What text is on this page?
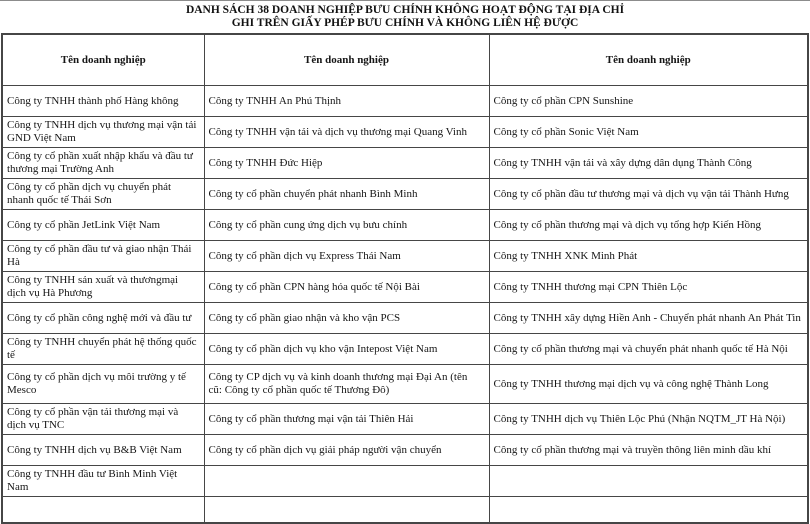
DANH SÁCH 38 DOANH NGHIỆP BƯU CHÍNH KHÔNG HOẠT ĐỘNG TẠI ĐỊA CHỈ
GHI TRÊN GIẤY PHÉP BƯU CHÍNH VÀ KHÔNG LIÊN HỆ ĐƯỢC
Tên doanh nghiệp	Tên doanh nghiệp	Tên doanh nghiệp
Công ty TNHH thành phố Hàng không	Công ty TNHH An Phú Thịnh	Công ty cổ phần CPN Sunshine
Công ty TNHH dịch vụ thương mại vận tải GND Việt Nam	Công ty TNHH vận tải và dịch vụ thương mại Quang Vinh	Công ty cổ phần Sonic Việt Nam
Công ty cổ phần xuất nhập khẩu và đầu tư thương mại Trường Anh	Công ty TNHH Đức Hiệp	Công ty TNHH vận tải và xây dựng dân dụng Thành Công
Công ty cổ phần dịch vụ chuyển phát nhanh quốc tế Thái Sơn	Công ty cổ phần chuyển phát nhanh Bình Minh	Công ty cổ phần đầu tư thương mại và dịch vụ vận tải Thành Hưng
Công ty cổ phần JetLink Việt Nam	Công ty cổ phần cung ứng dịch vụ bưu chính	Công ty cổ phần thương mại và dịch vụ tổng hợp Kiến Hồng
Công ty cổ phần đầu tư và giao nhận Thái Hà	Công ty cổ phần dịch vụ Express Thái Nam	Công ty TNHH XNK Minh Phát
Công ty TNHH sản xuất và thươngmại dịch vụ Hà Phương	Công ty cổ phần CPN hàng hóa quốc tế Nội Bài	Công ty TNHH thương mại CPN Thiên Lộc
Công ty cổ phần công nghệ mới và đầu tư	Công ty cổ phần giao nhận và kho vận PCS	Công ty TNHH xây dựng Hiền Anh - Chuyển phát nhanh An Phát Tin
Công ty TNHH chuyển phát hệ thống quốc tế	Công ty cổ phần dịch vụ kho vận Intepost Việt Nam	Công ty cổ phần thương mại và chuyển phát nhanh quốc tế Hà Nội
Công ty cổ phần dịch vụ môi trường y tế Mesco	Công ty CP dịch vụ và kinh doanh thương mại Đại An (tên cũ: Công ty cổ phần quốc tế Thương Đô)	Công ty TNHH thương mại dịch vụ và công nghệ Thành Long
Công ty cổ phần vận tải thương mại và dịch vụ TNC	Công ty cổ phần thương mại vận tải Thiên Hải	Công ty TNHH dịch vụ Thiên Lộc Phú (Nhận NQTM_JT Hà Nội)
Công ty TNHH dịch vụ B&B Việt Nam	Công ty cổ phần dịch vụ giải pháp người vận chuyển	Công ty cổ phần thương mại và truyền thông liên minh dầu khí
Công ty TNHH đầu tư Bình Minh Việt Nam		
